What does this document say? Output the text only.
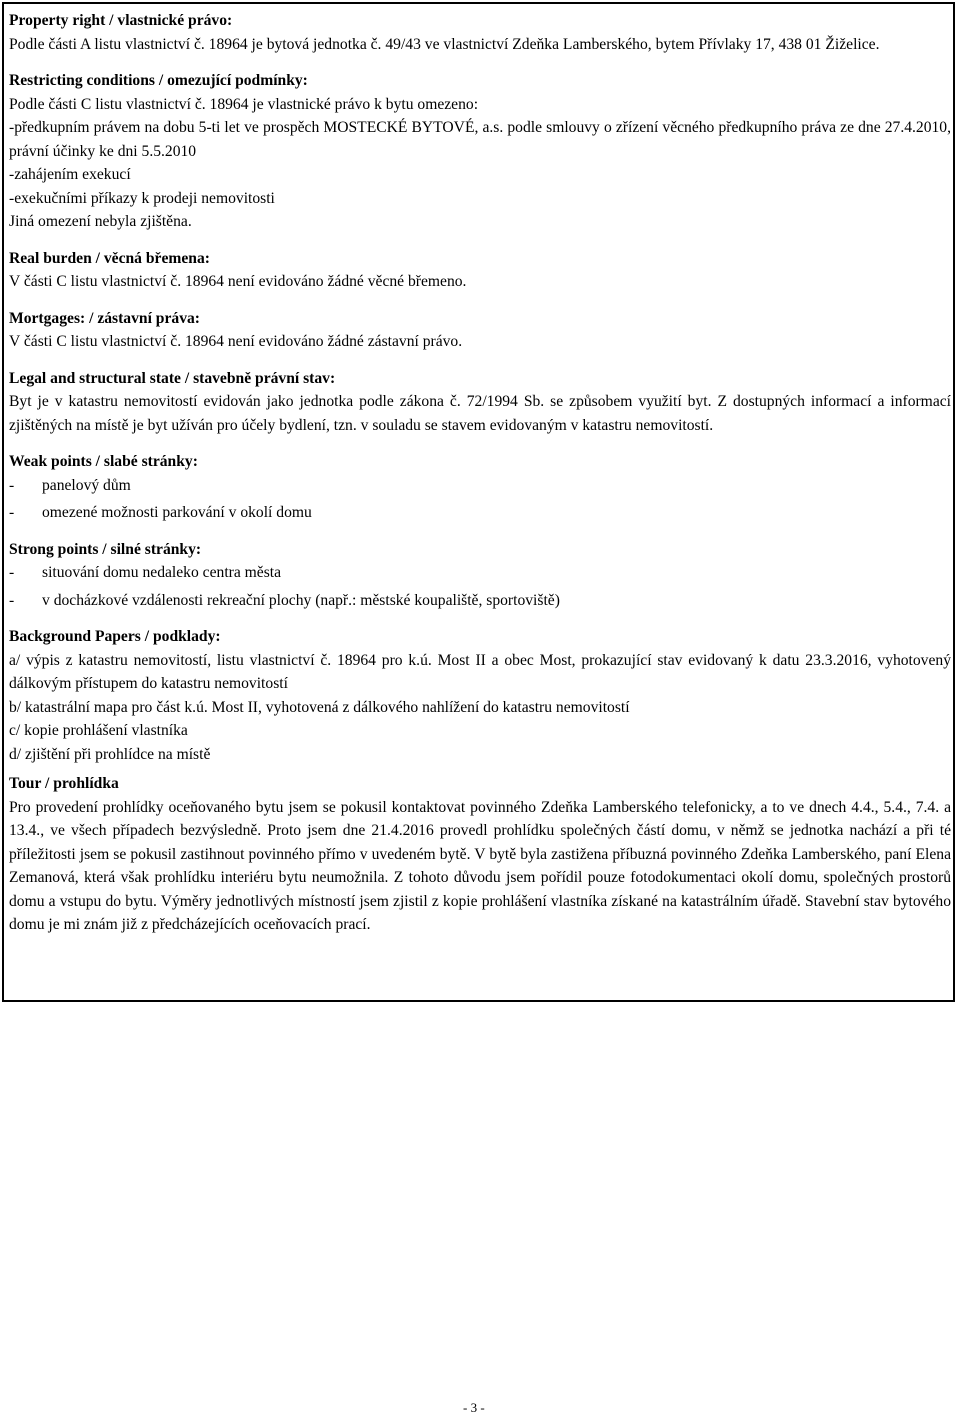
Property right / vlastnické právo:

Podle části A listu vlastnictví č. 18964 je bytová jednotka č. 49/43 ve vlastnictví Zdeňka Lamberského, bytem Přívlaky 17, 438 01 Žiželice.

Restricting conditions / omezující podmínky:

Podle části C listu vlastnictví č. 18964 je vlastnické právo k bytu omezeno:

-předkupním právem na dobu 5-ti let ve prospěch MOSTECKÉ BYTOVÉ, a.s. podle smlouvy o zřízení věcného předkupního práva ze dne 27.4.2010, právní účinky ke dni 5.5.2010

-zahájením exekucí

-exekučními příkazy k prodeji nemovitosti

Jiná omezení nebyla zjištěna.

Real burden / věcná břemena:

V části C listu vlastnictví č. 18964 není evidováno žádné věcné břemeno.

Mortgages: / zástavní práva:

V části C listu vlastnictví č. 18964 není evidováno žádné zástavní právo.

Legal and structural state / stavebně právní stav:

Byt je v katastru nemovitostí evidován jako jednotka podle zákona č. 72/1994 Sb. se způsobem využití byt. Z dostupných informací a informací zjištěných na místě je byt užíván pro účely bydlení, tzn. v souladu se stavem evidovaným v katastru nemovitostí.

Weak points / slabé stránky:

-	panelový dům
-	omezené možnosti parkování v okolí domu

Strong points / silné stránky:

-	situování domu nedaleko centra města
-	v docházkové vzdálenosti rekreační plochy (např.: městské koupaliště, sportoviště)

Background Papers / podklady:

a/ výpis z katastru nemovitostí, listu vlastnictví č. 18964 pro k.ú. Most II a obec Most, prokazující stav evidovaný k datu 23.3.2016, vyhotovený dálkovým přístupem do katastru nemovitostí

b/ katastrální mapa pro část k.ú. Most II, vyhotovená z dálkového nahlížení do katastru nemovitostí

c/ kopie prohlášení vlastníka

d/ zjištění při prohlídce na místě

Tour / prohlídka

Pro provedení prohlídky oceňovaného bytu jsem se pokusil kontaktovat povinného Zdeňka Lamberského telefonicky, a to ve dnech 4.4., 5.4., 7.4. a 13.4., ve všech případech bezvýsledně. Proto jsem dne 21.4.2016 provedl prohlídku společných částí domu, v němž se jednotka nachází a při té příležitosti jsem se pokusil zastihnout povinného přímo v uvedeném bytě. V bytě byla zastižena příbuzná povinného Zdeňka Lamberského, paní Elena Zemanová, která však prohlídku interiéru bytu neumožnila. Z tohoto důvodu jsem pořídil pouze fotodokumentaci okolí domu, společných prostorů domu a vstupu do bytu. Výměry jednotlivých místností jsem zjistil z kopie prohlášení vlastníka získané na katastrálním úřadě. Stavební stav bytového domu je mi znám již z předcházejících oceňovacích prací.

- 3 -
